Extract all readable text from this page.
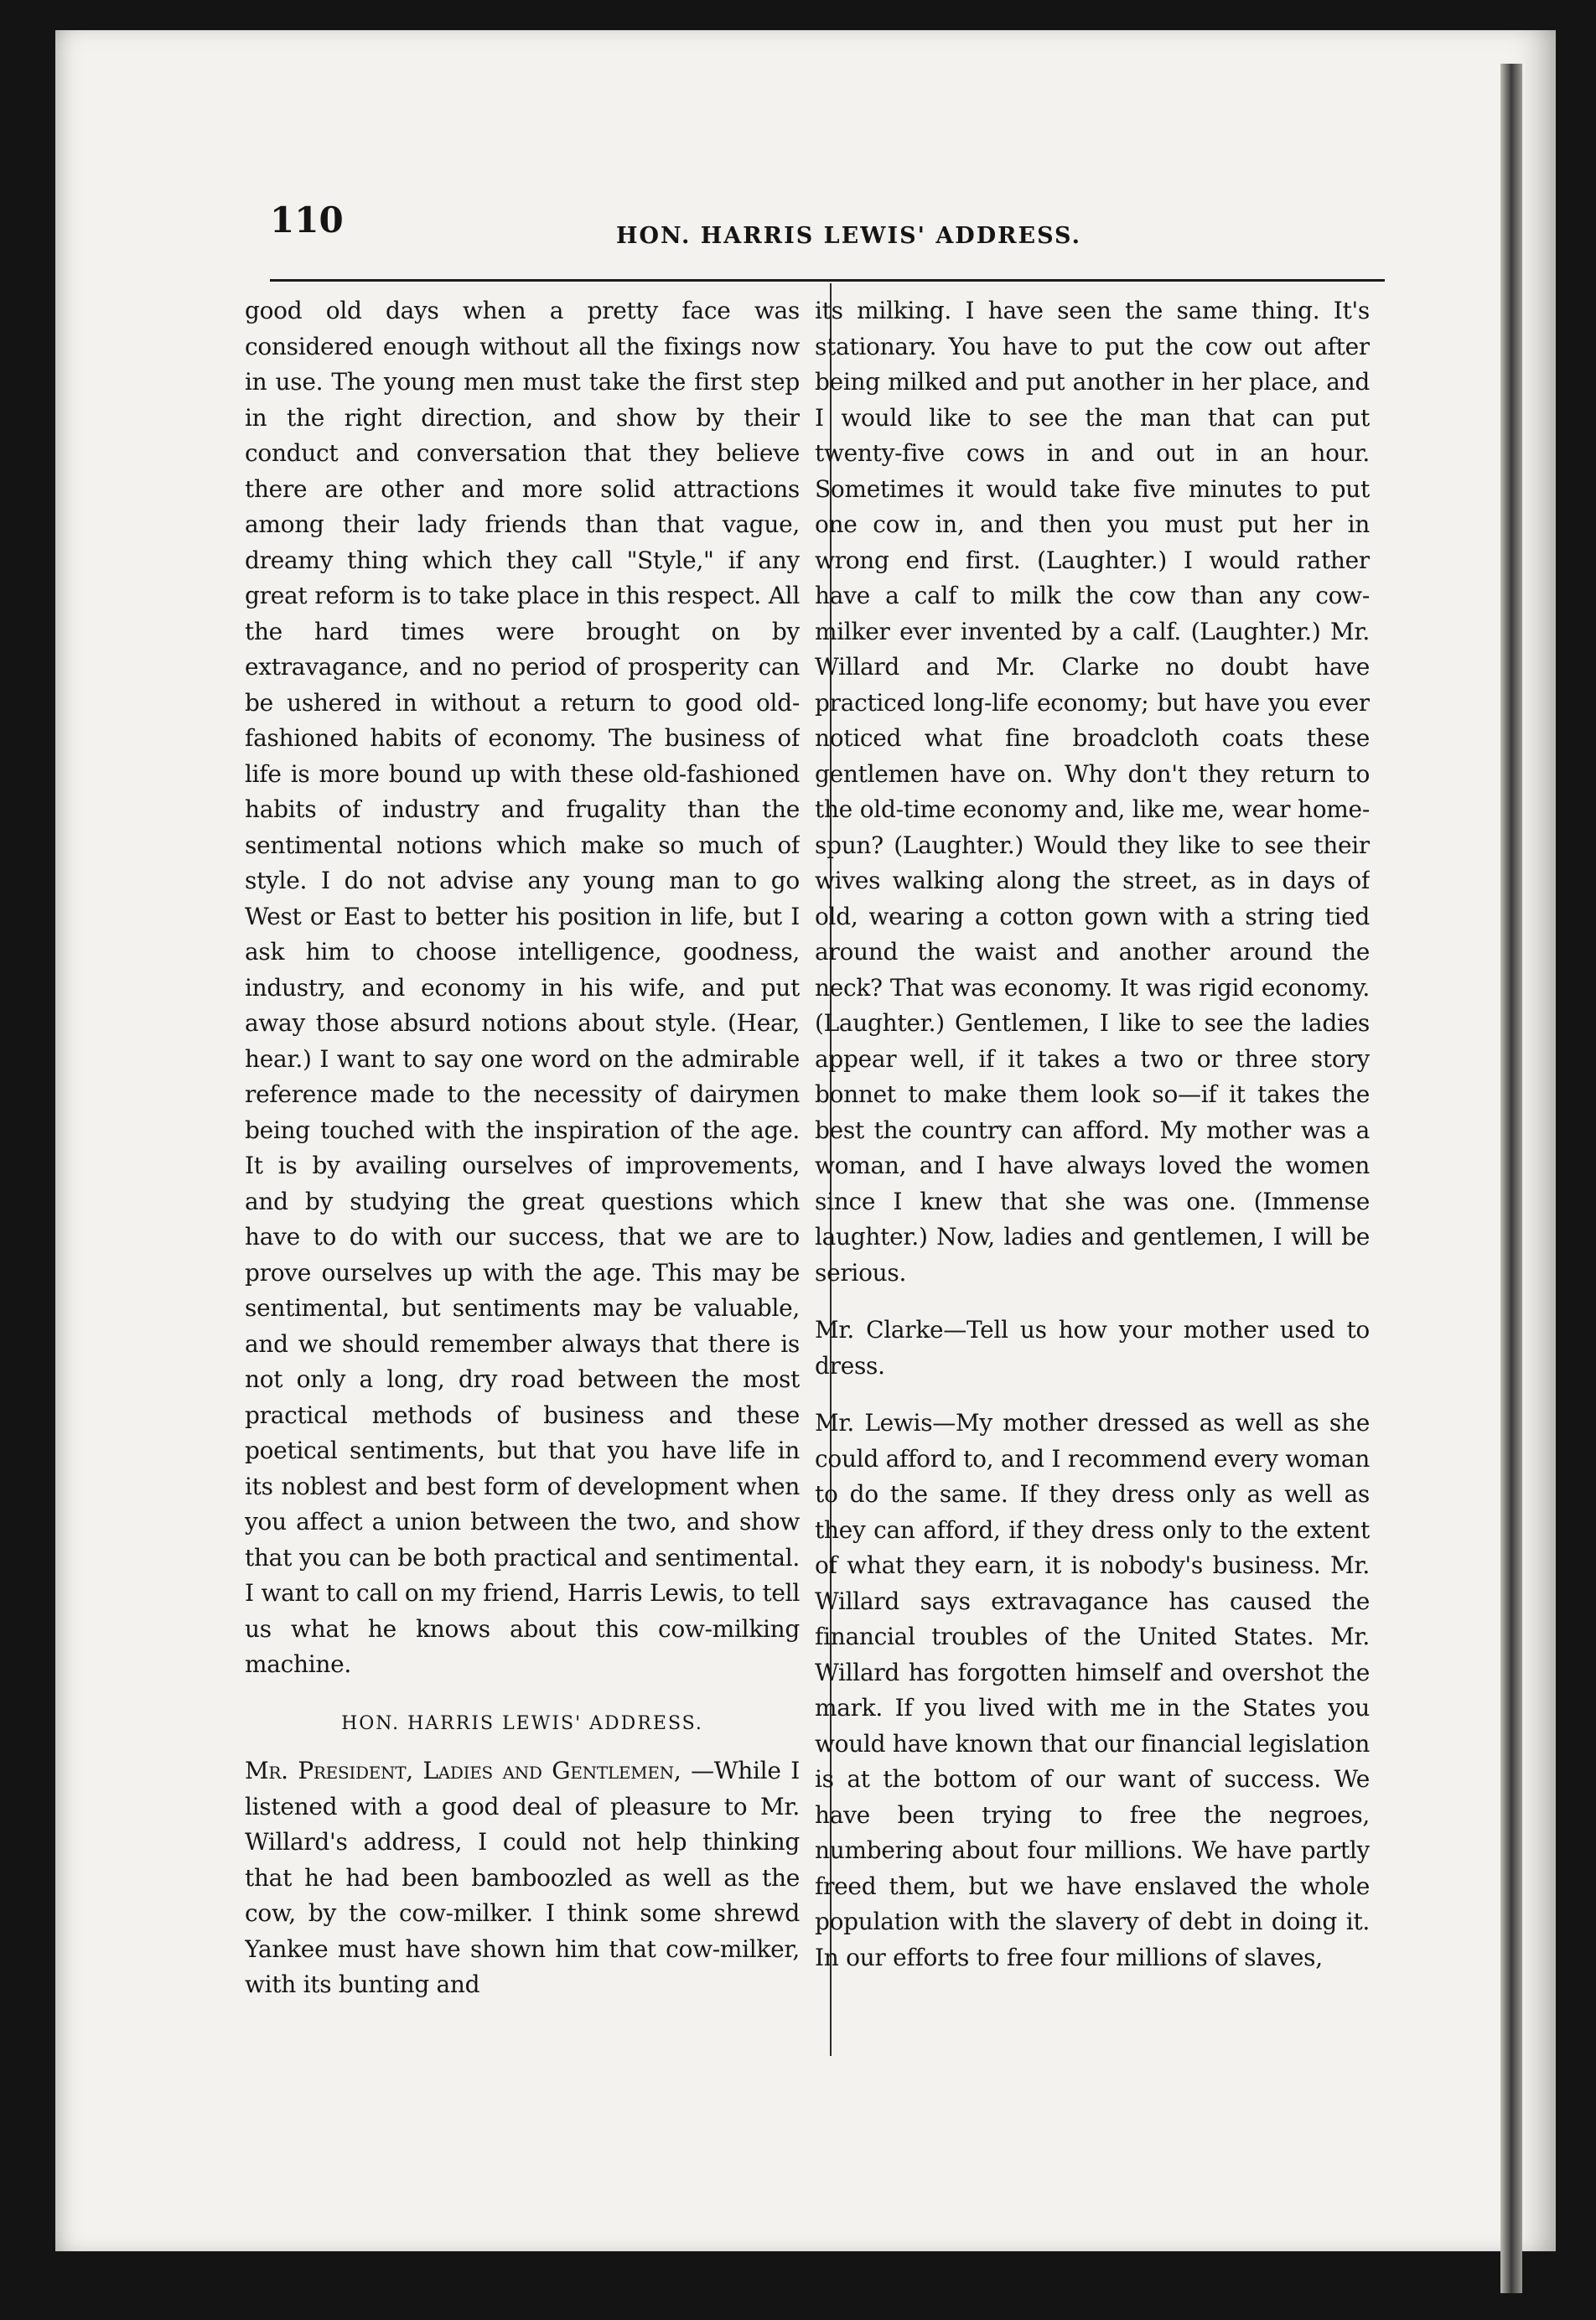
110	HON. HARRIS LEWIS' ADDRESS.

good old days when a pretty face was considered enough without all the fixings now in use. The young men must take the first step in the right direction, and show by their conduct and conversation that they believe there are other and more solid attractions among their lady friends than that vague, dreamy thing which they call "Style," if any great reform is to take place in this respect. All the hard times were brought on by extravagance, and no period of prosperity can be ushered in without a return to good old-fashioned habits of economy. The business of life is more bound up with these old-fashioned habits of industry and frugality than the sentimental notions which make so much of style. I do not advise any young man to go West or East to better his position in life, but I ask him to choose intelligence, goodness, industry, and economy in his wife, and put away those absurd notions about style. (Hear, hear.) I want to say one word on the admirable reference made to the necessity of dairymen being touched with the inspiration of the age. It is by availing ourselves of improvements, and by studying the great questions which have to do with our success, that we are to prove ourselves up with the age. This may be sentimental, but sentiments may be valuable, and we should remember always that there is not only a long, dry road between the most practical methods of business and these poetical sentiments, but that you have life in its noblest and best form of development when you affect a union between the two, and show that you can be both practical and sentimental. I want to call on my friend, Harris Lewis, to tell us what he knows about this cow-milking machine.

HON. HARRIS LEWIS' ADDRESS.

Mr. President, Ladies and Gentlemen, —While I listened with a good deal of pleasure to Mr. Willard's address, I could not help thinking that he had been bamboozled as well as the cow, by the cow-milker. I think some shrewd Yankee must have shown him that cow-milker, with its bunting and

its milking. I have seen the same thing. It's stationary. You have to put the cow out after being milked and put another in her place, and I would like to see the man that can put twenty-five cows in and out in an hour. Sometimes it would take five minutes to put one cow in, and then you must put her in wrong end first. (Laughter.) I would rather have a calf to milk the cow than any cow-milker ever invented by a calf. (Laughter.) Mr. Willard and Mr. Clarke no doubt have practiced long-life economy; but have you ever noticed what fine broadcloth coats these gentlemen have on. Why don't they return to the old-time economy and, like me, wear home-spun? (Laughter.) Would they like to see their wives walking along the street, as in days of old, wearing a cotton gown with a string tied around the waist and another around the neck? That was economy. It was rigid economy. (Laughter.) Gentlemen, I like to see the ladies appear well, if it takes a two or three story bonnet to make them look so—if it takes the best the country can afford. My mother was a woman, and I have always loved the women since I knew that she was one. (Immense laughter.) Now, ladies and gentlemen, I will be serious.

Mr. Clarke—Tell us how your mother used to dress.

Mr. Lewis—My mother dressed as well as she could afford to, and I recommend every woman to do the same. If they dress only as well as they can afford, if they dress only to the extent of what they earn, it is nobody's business. Mr. Willard says extravagance has caused the financial troubles of the United States. Mr. Willard has forgotten himself and overshot the mark. If you lived with me in the States you would have known that our financial legislation is at the bottom of our want of success. We have been trying to free the negroes, numbering about four millions. We have partly freed them, but we have enslaved the whole population with the slavery of debt in doing it. In our efforts to free four millions of slaves,
